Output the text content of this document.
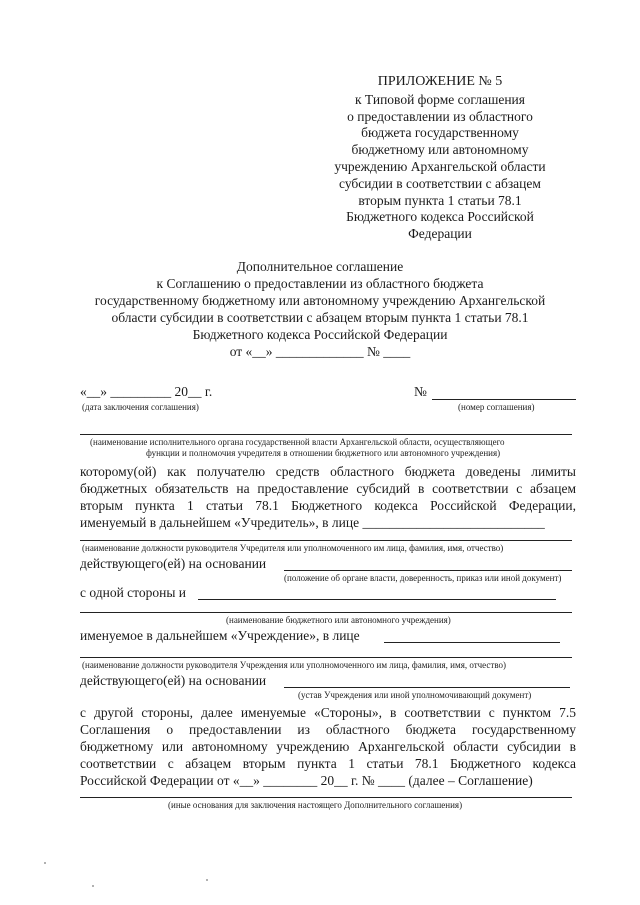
ПРИЛОЖЕНИЕ № 5
к Типовой форме соглашения
о предоставлении из областного
бюджета государственному
бюджетному или автономному
учреждению Архангельской области
субсидии в соответствии с абзацем
вторым пункта 1 статьи 78.1
Бюджетного кодекса Российской
Федерации
Дополнительное соглашение
к Соглашению о предоставлении из областного бюджета
государственному бюджетному или автономному учреждению Архангельской
области субсидии в соответствии с абзацем вторым пункта 1 статьи 78.1
Бюджетного кодекса Российской Федерации
от «__» _____________ № ____
«__» _________ 20__ г.
(дата заключения соглашения)
№
(номер соглашения)
(наименование исполнительного органа государственной власти Архангельской области, осуществляющего
функции и полномочия учредителя в отношении бюджетного или автономного учреждения)
которому(ой) как получателю средств областного бюджета доведены лимиты
бюджетных обязательств на предоставление субсидий в соответствии с абзацем
вторым пункта 1 статьи 78.1 Бюджетного кодекса Российской Федерации,
именуемый в дальнейшем «Учредитель», в лице ___________________________
(наименование должности руководителя Учредителя или уполномоченного им лица, фамилия, имя, отчество)
действующего(ей) на основании
(положение об органе власти, доверенность, приказ или иной документ)
с одной стороны и
(наименование бюджетного или автономного учреждения)
именуемое в дальнейшем «Учреждение», в лице
(наименование должности руководителя Учреждения или уполномоченного им лица, фамилия, имя, отчество)
действующего(ей) на основании
(устав Учреждения или иной уполномочивающий документ)
с другой стороны, далее именуемые «Стороны», в соответствии с пунктом 7.5
Соглашения о предоставлении из областного бюджета государственному
бюджетному или автономному учреждению Архангельской области субсидии в
соответствии с абзацем вторым пункта 1 статьи 78.1 Бюджетного кодекса
Российской Федерации от «__» ________ 20__ г. № ____ (далее – Соглашение)
(иные основания для заключения настоящего Дополнительного соглашения)
